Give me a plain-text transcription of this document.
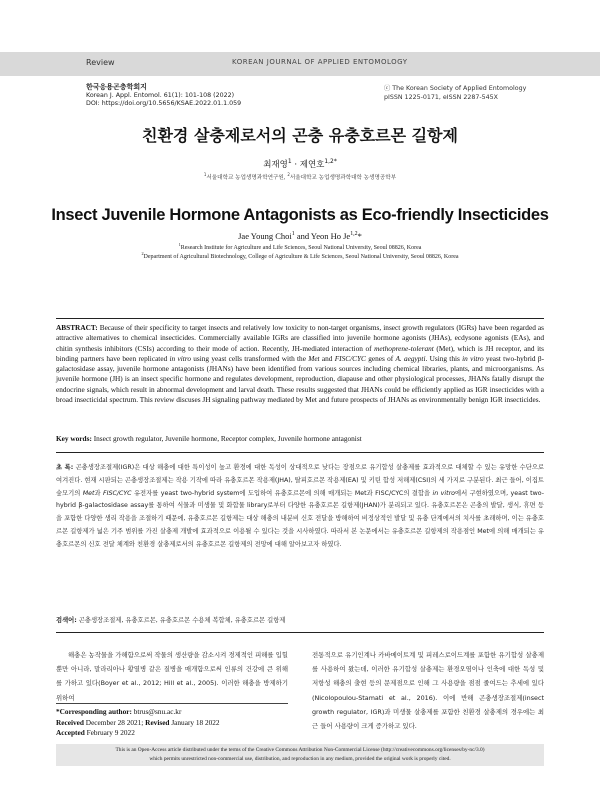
Review	KOREAN JOURNAL OF APPLIED ENTOMOLOGY
한국응용곤충학회지
Korean J. Appl. Entomol. 61(1): 101-108 (2022)
DOI: https://doi.org/10.5656/KSAE.2022.01.1.059
ⓒ The Korean Society of Applied Entomology
pISSN 1225-0171, eISSN 2287-545X
친환경 살충제로서의 곤충 유충호르몬 길항제
최재영$^1$ · 제연호$^{1,2*}$
$^1$서울대학교 농업생명과학연구원, $^2$서울대학교 농업생명과학대학 농생명공학부
Insect Juvenile Hormone Antagonists as Eco-friendly Insecticides
Jae Young Choi$^1$ and Yeon Ho Je$^{1,2}$*
$^1$Research Institute for Agriculture and Life Sciences, Seoul National University, Seoul 08826, Korea
$^2$Department of Agricultural Biotechnology, College of Agriculture & Life Sciences, Seoul National University, Seoul 08826, Korea
ABSTRACT: Because of their specificity to target insects and relatively low toxicity to non-target organisms, insect growth regulators (IGRs) have been regarded as attractive alternatives to chemical insecticides. Commercially available IGRs are classified into juvenile hormone agonists (JHAs), ecdysone agonists (EAs), and chitin synthesis inhibitors (CSIs) according to their mode of action. Recently, JH-mediated interaction of methoprene-tolerant (Met), which is JH receptor, and its binding partners have been replicated in vitro using yeast cells transformed with the Met and FISC/CYC genes of A. aegypti. Using this in vitro yeast two-hybrid β-galactosidase assay, juvenile hormone antagonists (JHANs) have been identified from various sources including chemical libraries, plants, and microorganisms. As juvenile hormone (JH) is an insect specific hormone and regulates development, reproduction, diapause and other physiological processes, JHANs fatally disrupt the endocrine signals, which result in abnormal development and larval death. These results suggested that JHANs could be efficiently applied as IGR insecticides with a broad insecticidal spectrum. This review discuses JH signaling pathway mediated by Met and future prospects of JHANs as environmentally benign IGR insecticides.
Key words: Insect growth regulator, Juvenile hormone, Receptor complex, Juvenile hormone antagonist
초 록: 곤충생장조절제(IGR)은 대상 해충에 대한 특이성이 높고 환경에 대한 독성이 상대적으로 낮다는 장점으로 유기합성 살충제를 효과적으로 대체할 수 있는 유망한 수단으로 여겨진다. 현재 시판되는 곤충생장조절제는 작용 기작에 따라 유충호르몬 작용제(JHA), 탈피호르몬 작용제(EA) 및 키틴 합성 저해제(CSI)의 세 가지로 구분된다. 최근 들어, 이집트숲모기의 Met과 FISC/CYC 유전자를 yeast two-hybrid system에 도입하여 유충호르몬에 의해 매개되는 Met과 FISC/CYC의 결합을 in vitro에서 구현하였으며, yeast two-hybrid β-galactosidase assay를 통하여 식물과 미생물 및 화합물 library로부터 다양한 유충호르몬 길항제(JHAN)가 분리되고 있다. 유충호르몬은 곤충의 발달, 생식, 휴면 등을 포함한 다양한 생리 작용을 조절하기 때문에, 유충호르몬 길항제는 대상 해충의 내분비 신호 전달을 방해하여 비정상적인 발달 및 유충 단계에서의 치사를 초래하며, 이는 유충호르몬 길항제가 넓은 기주 범위를 가진 살충제 개발에 효과적으로 이용될 수 있다는 것을 시사하였다. 따라서 본 논문에서는 유충호르몬 길항제의 작용점인 Met에 의해 매개되는 유충호르몬의 신호 전달 체계와 친환경 살충제로서의 유충호르몬 길항제의 전망에 대해 알아보고자 하였다.
검색어: 곤충생장조절제, 유충호르몬, 유충호르몬 수용체 복합체, 유충호르몬 길항제
해충은 농작물을 가해함으로써 작물의 생산량을 감소시켜 경제적인 피해를 입힐 뿐만 아니라, 말라리아나 황열병 같은 질병을 매개함으로써 인류의 건강에 큰 위해를 가하고 있다(Boyer et al., 2012; Hill et al., 2005). 이러한 해충을 방제하기 위하여
전통적으로 유기인계나 카바메이트계 및 피레스로이드계를 포함한 유기합성 살충제를 사용하여 왔는데, 이러한 유기합성 살충제는 환경오염이나 인축에 대한 독성 및 저항성 해충의 출현 등의 문제점으로 인해 그 사용량을 점점 줄여드는 추세에 있다(Nicolopoulou-Stamati et al., 2016). 이에 반해 곤충생장조절제(insect growth regulator, IGR)과 미생물 살충제를 포함한 친환경 살충제의 경우에는 최근 들어 사용량이 크게 증가하고 있다.
*Corresponding author: btrus@snu.ac.kr
Received December 28 2021; Revised January 18 2022
Accepted February 9 2022
This is an Open-Access article distributed under the terms of the Creative Commons Attribution Non-Commercial License (http://creativecommons.org/licenses/by-nc/3.0)
which permits unrestricted non-commercial use, distribution, and reproduction in any medium, provided the original work is properly cited.
